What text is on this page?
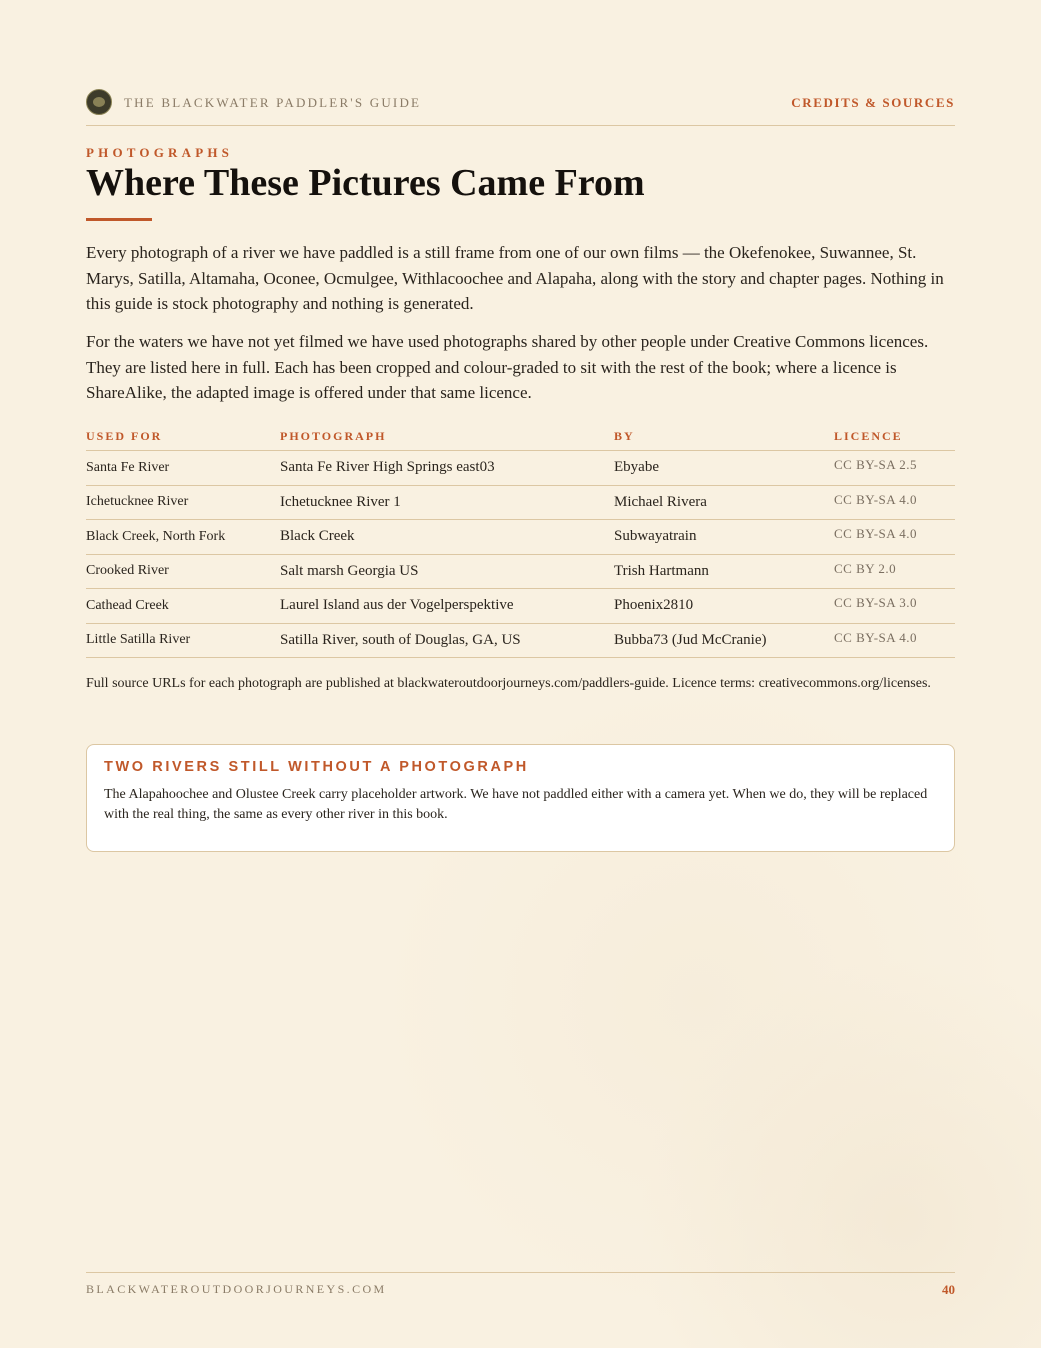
THE BLACKWATER PADDLER'S GUIDE	CREDITS & SOURCES
PHOTOGRAPHS
Where These Pictures Came From

Every photograph of a river we have paddled is a still frame from one of our own films — the Okefenokee, Suwannee, St. Marys, Satilla, Altamaha, Oconee, Ocmulgee, Withlacoochee and Alapaha, along with the story and chapter pages. Nothing in this guide is stock photography and nothing is generated.

For the waters we have not yet filmed we have used photographs shared by other people under Creative Commons licences. They are listed here in full. Each has been cropped and colour-graded to sit with the rest of the book; where a licence is ShareAlike, the adapted image is offered under that same licence.

USED FOR	PHOTOGRAPH	BY	LICENCE
Santa Fe River	Santa Fe River High Springs east03	Ebyabe	CC BY-SA 2.5
Ichetucknee River	Ichetucknee River 1	Michael Rivera	CC BY-SA 4.0
Black Creek, North Fork	Black Creek	Subwayatrain	CC BY-SA 4.0
Crooked River	Salt marsh Georgia US	Trish Hartmann	CC BY 2.0
Cathead Creek	Laurel Island aus der Vogelperspektive	Phoenix2810	CC BY-SA 3.0
Little Satilla River	Satilla River, south of Douglas, GA, US	Bubba73 (Jud McCranie)	CC BY-SA 4.0

Full source URLs for each photograph are published at blackwateroutdoorjourneys.com/paddlers-guide. Licence terms: creativecommons.org/licenses.

TWO RIVERS STILL WITHOUT A PHOTOGRAPH

The Alapahoochee and Olustee Creek carry placeholder artwork. We have not paddled either with a camera yet. When we do, they will be replaced with the real thing, the same as every other river in this book.

BLACKWATEROUTDOORJOURNEYS.COM	40
